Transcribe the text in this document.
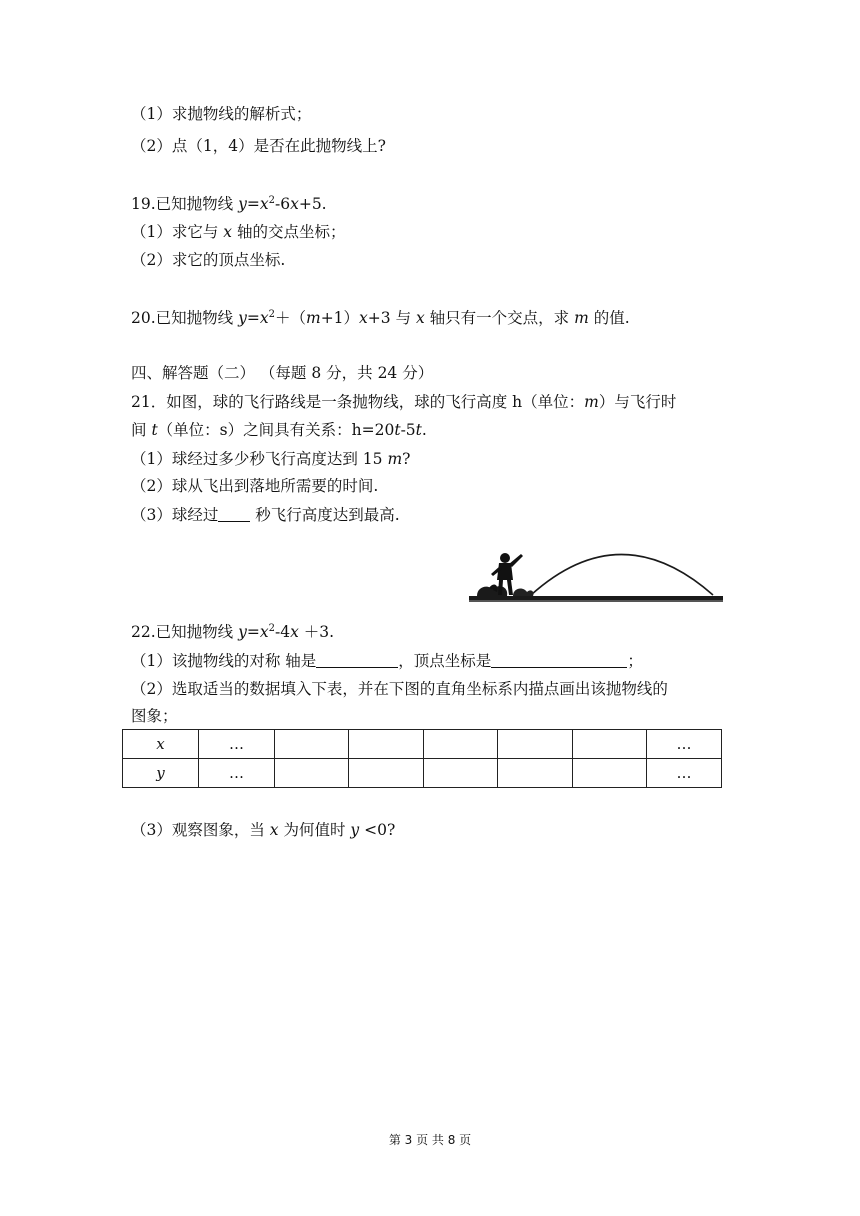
（1）求抛物线的解析式；
（2）点（1，4）是否在此抛物线上?
19.已知抛物线 $y=x^2-6x+5$.
（1）求它与 x 轴的交点坐标；
（2）求它的顶点坐标.
20.已知抛物线 $y=x^2+(m+1)x+3$ 与 x 轴只有一个交点，求 m 的值.
四、解答题（二） （每题 8 分，共 24 分）
21．如图，球的飞行路线是一条抛物线，球的飞行高度 h（单位：m）与飞行时
间 t（单位：s）之间具有关系：h=20t-5t.
（1）球经过多少秒飞行高度达到 15 m?
（2）球从飞出到落地所需要的时间.
（3）球经过 秒飞行高度达到最高.
22.已知抛物线 $y=x^2-4x +3$.
（1）该抛物线的对称 轴是	，顶点坐标是	；
（2）选取适当的数据填入下表，并在下图的直角坐标系内描点画出该抛物线的
图象；
x	…						…
y	…						…
（3）观察图象，当 x 为何值时 y <0?
第 3 页 共 8 页
